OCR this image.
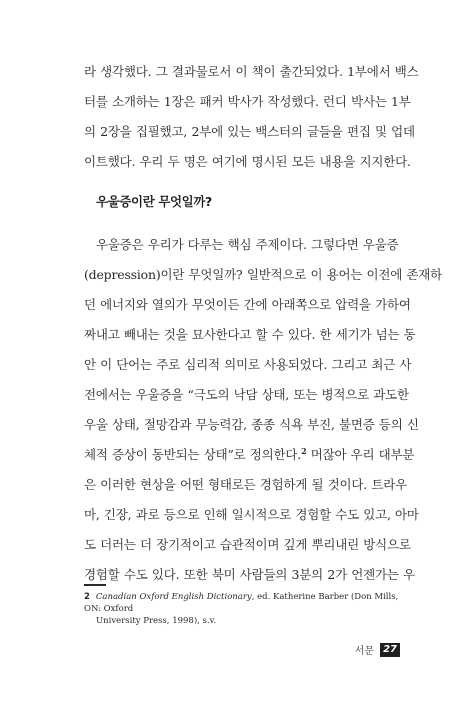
라 생각했다. 그 결과물로서 이 책이 출간되었다. 1부에서 백스
터를 소개하는 1장은 패커 박사가 작성했다. 런디 박사는 1부
의 2장을 집필했고, 2부에 있는 백스터의 글들을 편집 및 업데
이트했다. 우리 두 명은 여기에 명시된 모든 내용을 지지한다.
우울증이란 무엇일까?
우울증은 우리가 다루는 핵심 주제이다. 그렇다면 우울증
(depression)이란 무엇일까? 일반적으로 이 용어는 이전에 존재하
던 에너지와 열의가 무엇이든 간에 아래쪽으로 압력을 가하여
짜내고 빼내는 것을 묘사한다고 할 수 있다. 한 세기가 넘는 동
안 이 단어는 주로 심리적 의미로 사용되었다. 그리고 최근 사
전에서는 우울증을 “극도의 낙담 상태, 또는 병적으로 과도한
우울 상태, 절망감과 무능력감, 종종 식욕 부진, 불면증 등의 신
체적 증상이 동반되는 상태”로 정의한다.$^2$ 머잖아 우리 대부분
은 이러한 현상을 어떤 형태로든 경험하게 될 것이다. 트라우
마, 긴장, 과로 등으로 인해 일시적으로 경험할 수도 있고, 아마
도 더러는 더 장기적이고 습관적이며 깊게 뿌리내린 방식으로
경험할 수도 있다. 또한 북미 사람들의 3분의 2가 언젠가는 우
2 Canadian Oxford English Dictionary, ed. Katherine Barber (Don Mills, ON: Oxford
University Press, 1998), s.v.
서문 27
